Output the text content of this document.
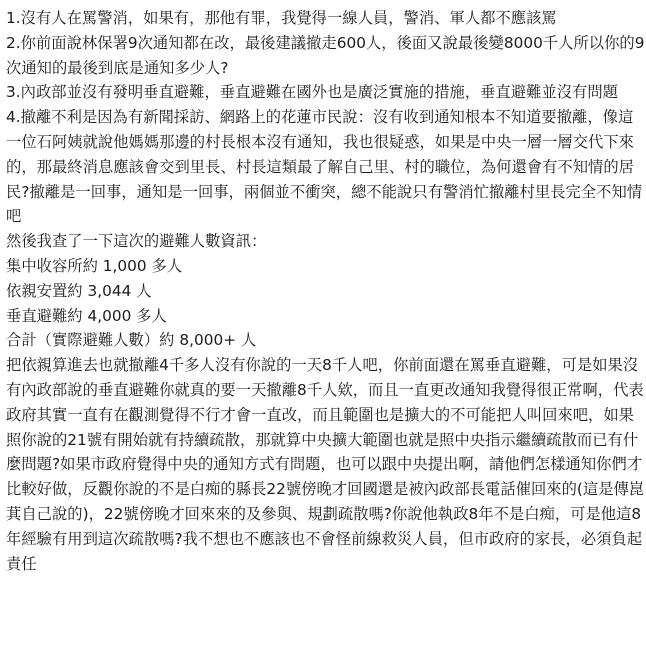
1.沒有人在罵警消，如果有，那他有罪，我覺得一線人員，警消、軍人都不應該罵

2.你前面說林保署9次通知都在改，最後建議撤走600人，後面又說最後變8000千人所以你的9次通知的最後到底是通知多少人?

3.內政部並沒有發明垂直避難，垂直避難在國外也是廣泛實施的措施，垂直避難並沒有問題

4.撤離不利是因為有新聞採訪、網路上的花蓮市民說：沒有收到通知根本不知道要撤離，像這一位石阿姨就說他媽媽那邊的村長根本沒有通知，我也很疑惑，如果是中央一層一層交代下來的，那最終消息應該會交到里長、村長這類最了解自己里、村的職位，為何還會有不知情的居民?撤離是一回事，通知是一回事，兩個並不衝突，總不能說只有警消忙撤離村里長完全不知情吧

然後我查了一下這次的避難人數資訊：

集中收容所約 1,000 多人

依親安置約 3,044 人

垂直避難約 4,000 多人

合計（實際避難人數）約 8,000+ 人

把依親算進去也就撤離4千多人沒有你說的一天8千人吧，你前面還在罵垂直避難，可是如果沒有內政部說的垂直避難你就真的要一天撤離8千人欸，而且一直更改通知我覺得很正常啊，代表政府其實一直有在觀測覺得不行才會一直改，而且範圍也是擴大的不可能把人叫回來吧，如果照你說的21號有開始就有持續疏散，那就算中央擴大範圍也就是照中央指示繼續疏散而已有什麼問題?如果市政府覺得中央的通知方式有問題，也可以跟中央提出啊，請他們怎樣通知你們才比較好做，反觀你說的不是白痴的縣長22號傍晚才回國還是被內政部長電話催回來的(這是傳崑萁自己說的)，22號傍晚才回來來的及參與、規劃疏散嗎?你說他執政8年不是白痴，可是他這8年經驗有用到這次疏散嗎?我不想也不應該也不會怪前線救災人員，但市政府的家長，必須負起責任
